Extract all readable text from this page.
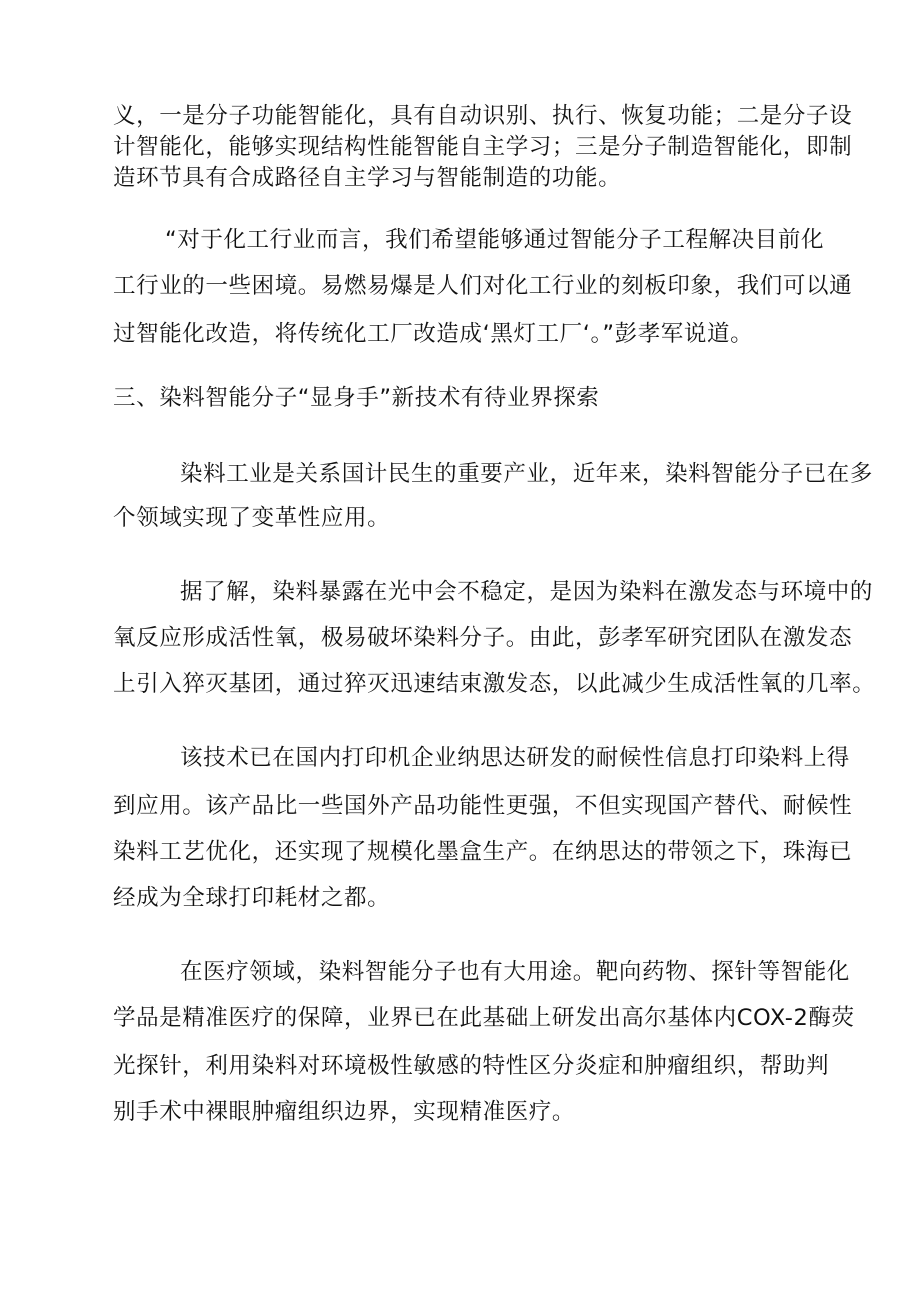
义，一是分子功能智能化，具有自动识别、执行、恢复功能；二是分子设
计智能化，能够实现结构性能智能自主学习；三是分子制造智能化，即制
造环节具有合成路径自主学习与智能制造的功能。
“对于化工行业而言，我们希望能够通过智能分子工程解决目前化
工行业的一些困境。易燃易爆是人们对化工行业的刻板印象，我们可以通
过智能化改造，将传统化工厂改造成‘黑灯工厂‘。”彭孝军说道。
三、染料智能分子“显身手”新技术有待业界探索
染料工业是关系国计民生的重要产业，近年来，染料智能分子已在多
个领域实现了变革性应用。
据了解，染料暴露在光中会不稳定，是因为染料在激发态与环境中的
氧反应形成活性氧，极易破坏染料分子。由此，彭孝军研究团队在激发态
上引入猝灭基团，通过猝灭迅速结束激发态，以此减少生成活性氧的几率。
该技术已在国内打印机企业纳思达研发的耐候性信息打印染料上得
到应用。该产品比一些国外产品功能性更强，不但实现国产替代、耐候性
染料工艺优化，还实现了规模化墨盒生产。在纳思达的带领之下，珠海已
经成为全球打印耗材之都。
在医疗领域，染料智能分子也有大用途。靶向药物、探针等智能化
学品是精准医疗的保障，业界已在此基础上研发出高尔基体内COX-2酶荧
光探针，利用染料对环境极性敏感的特性区分炎症和肿瘤组织，帮助判
别手术中裸眼肿瘤组织边界，实现精准医疗。
